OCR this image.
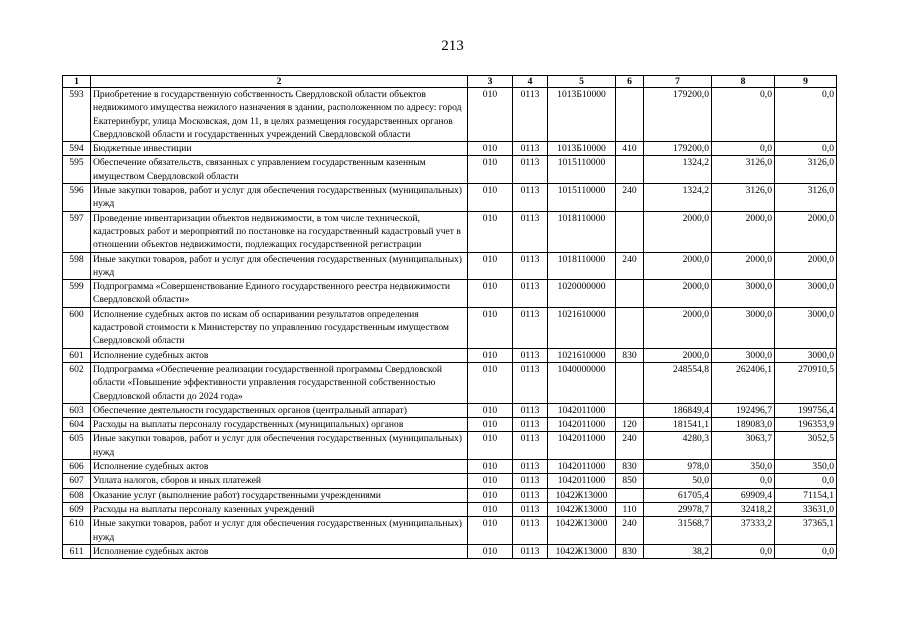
213
1	2	3	4	5	6	7	8	9
593	Приобретение в государственную собственность Свердловской области объектов недвижимого имущества нежилого назначения в здании, расположенном по адресу: город Екатеринбург, улица Московская, дом 11, в целях размещения государственных органов Свердловской области и государственных учреждений Свердловской области	010	0113	1013Б10000		179200,0	0,0	0,0
594	Бюджетные инвестиции	010	0113	1013Б10000	410	179200,0	0,0	0,0
595	Обеспечение обязательств, связанных с управлением государственным казенным имуществом Свердловской области	010	0113	1015110000		1324,2	3126,0	3126,0
596	Иные закупки товаров, работ и услуг для обеспечения государственных (муниципальных) нужд	010	0113	1015110000	240	1324,2	3126,0	3126,0
597	Проведение инвентаризации объектов недвижимости, в том числе технической, кадастровых работ и мероприятий по постановке на государственный кадастровый учет в отношении объектов недвижимости, подлежащих государственной регистрации	010	0113	1018110000		2000,0	2000,0	2000,0
598	Иные закупки товаров, работ и услуг для обеспечения государственных (муниципальных) нужд	010	0113	1018110000	240	2000,0	2000,0	2000,0
599	Подпрограмма «Совершенствование Единого государственного реестра недвижимости Свердловской области»	010	0113	1020000000		2000,0	3000,0	3000,0
600	Исполнение судебных актов по искам об оспаривании результатов определения кадастровой стоимости к Министерству по управлению государственным имуществом Свердловской области	010	0113	1021610000		2000,0	3000,0	3000,0
601	Исполнение судебных актов	010	0113	1021610000	830	2000,0	3000,0	3000,0
602	Подпрограмма «Обеспечение реализации государственной программы Свердловской области «Повышение эффективности управления государственной собственностью Свердловской области до 2024 года»	010	0113	1040000000		248554,8	262406,1	270910,5
603	Обеспечение деятельности государственных органов (центральный аппарат)	010	0113	1042011000		186849,4	192496,7	199756,4
604	Расходы на выплаты персоналу государственных (муниципальных) органов	010	0113	1042011000	120	181541,1	189083,0	196353,9
605	Иные закупки товаров, работ и услуг для обеспечения государственных (муниципальных) нужд	010	0113	1042011000	240	4280,3	3063,7	3052,5
606	Исполнение судебных актов	010	0113	1042011000	830	978,0	350,0	350,0
607	Уплата налогов, сборов и иных платежей	010	0113	1042011000	850	50,0	0,0	0,0
608	Оказание услуг (выполнение работ) государственными учреждениями	010	0113	1042Ж13000		61705,4	69909,4	71154,1
609	Расходы на выплаты персоналу казенных учреждений	010	0113	1042Ж13000	110	29978,7	32418,2	33631,0
610	Иные закупки товаров, работ и услуг для обеспечения государственных (муниципальных) нужд	010	0113	1042Ж13000	240	31568,7	37333,2	37365,1
611	Исполнение судебных актов	010	0113	1042Ж13000	830	38,2	0,0	0,0
